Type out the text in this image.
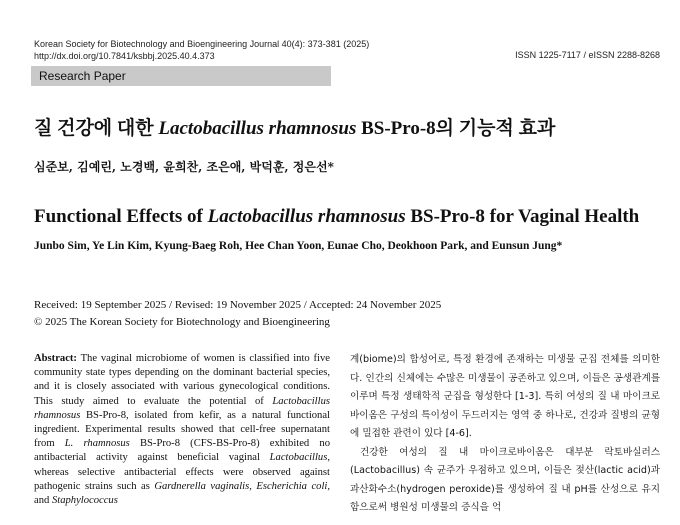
Korean Society for Biotechnology and Bioengineering Journal 40(4): 373-381 (2025)
http://dx.doi.org/10.7841/ksbbj.2025.40.4.373	ISSN 1225-7117 / eISSN 2288-8268
Research Paper
질 건강에 대한 Lactobacillus rhamnosus BS-Pro-8의 기능적 효과
심준보, 김예린, 노경백, 윤희찬, 조은애, 박덕훈, 정은선*
Functional Effects of Lactobacillus rhamnosus BS-Pro-8 for Vaginal Health
Junbo Sim, Ye Lin Kim, Kyung-Baeg Roh, Hee Chan Yoon, Eunae Cho, Deokhoon Park, and Eunsun Jung*
Received: 19 September 2025 / Revised: 19 November 2025 / Accepted: 24 November 2025
© 2025 The Korean Society for Biotechnology and Bioengineering
Abstract: The vaginal microbiome of women is classified into five community state types depending on the dominant bacterial species, and it is closely associated with various gynecological conditions. This study aimed to evaluate the potential of Lactobacillus rhamnosus BS-Pro-8, isolated from kefir, as a natural functional ingredient. Experimental results showed that cell-free supernatant from L. rhamnosus BS-Pro-8 (CFS-BS-Pro-8) exhibited no antibacterial activity against beneficial vaginal Lactobacillus, whereas selective antibacterial effects were observed against pathogenic strains such as Gardnerella vaginalis, Escherichia coli, and Staphylococcus

계(biome)의 합성어로, 특정 환경에 존재하는 미생물 군집 전체를 의미한다. 인간의 신체에는 수많은 미생물이 공존하고 있으며, 이들은 공생관계를 이루며 특정 생태학적 군집을 형성한다 [1-3]. 특히 여성의 질 내 마이크로바이옴은 구성의 특이성이 두드러지는 영역 중 하나로, 건강과 질병의 균형에 밀접한 관련이 있다 [4-6].

건강한 여성의 질 내 마이크로바이옴은 대부분 락토바실러스(Lactobacillus) 속 균주가 우점하고 있으며, 이들은 젖산(lactic acid)과 과산화수소(hydrogen peroxide)를 생성하여 질 내 pH를 산성으로 유지함으로써 병원성 미생물의 증식을 억
